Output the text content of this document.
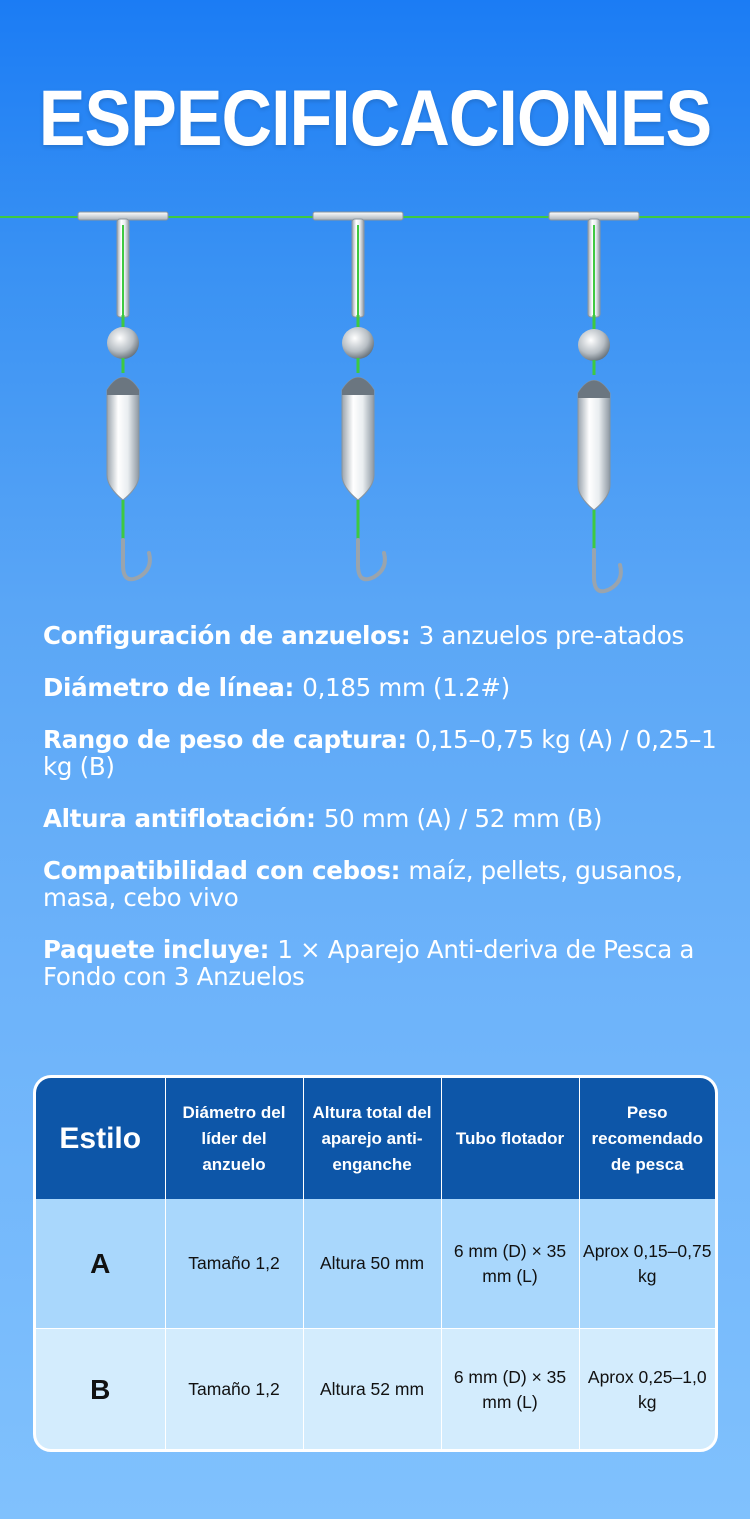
ESPECIFICACIONES

Configuración de anzuelos: 3 anzuelos pre-atados

Diámetro de línea: 0,185 mm (1.2#)

Rango de peso de captura: 0,15–0,75 kg (A) / 0,25–1 kg (B)

Altura antiflotación: 50 mm (A) / 52 mm (B)

Compatibilidad con cebos: maíz, pellets, gusanos, masa, cebo vivo

Paquete incluye: 1 × Aparejo Anti-deriva de Pesca a Fondo con 3 Anzuelos

Estilo	Diámetro del líder del anzuelo	Altura total del aparejo anti-enganche	Tubo flotador	Peso recomendado de pesca
A	Tamaño 1,2	Altura 50 mm	6 mm (D) × 35 mm (L)	Aprox 0,15–0,75 kg
B	Tamaño 1,2	Altura 52 mm	6 mm (D) × 35 mm (L)	Aprox 0,25–1,0 kg
